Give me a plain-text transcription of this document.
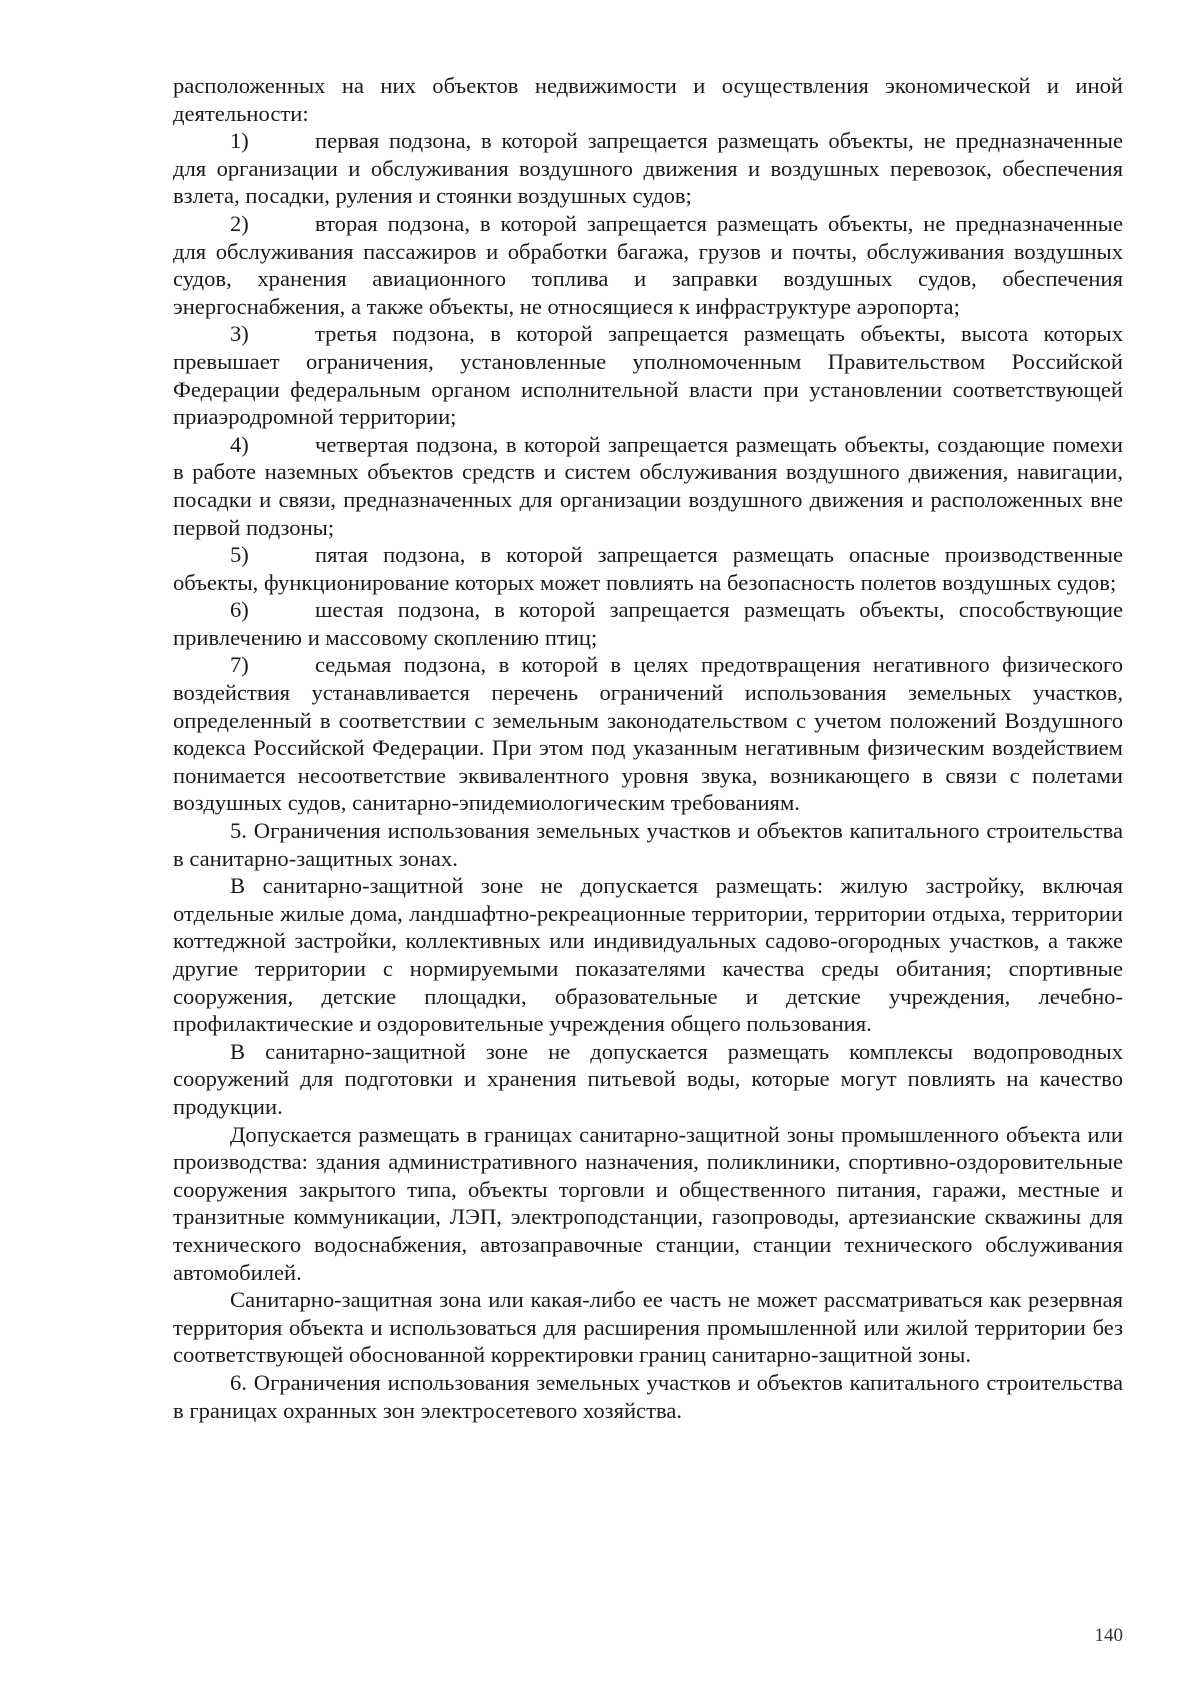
расположенных на них объектов недвижимости и осуществления экономической и иной деятельности:

1)	первая подзона, в которой запрещается размещать объекты, не предназначенные для организации и обслуживания воздушного движения и воздушных перевозок, обеспечения взлета, посадки, руления и стоянки воздушных судов;

2)	вторая подзона, в которой запрещается размещать объекты, не предназначенные для обслуживания пассажиров и обработки багажа, грузов и почты, обслуживания воздушных судов, хранения авиационного топлива и заправки воздушных судов, обеспечения энергоснабжения, а также объекты, не относящиеся к инфраструктуре аэропорта;

3)	третья подзона, в которой запрещается размещать объекты, высота которых превышает ограничения, установленные уполномоченным Правительством Российской Федерации федеральным органом исполнительной власти при установлении соответствующей приаэродромной территории;

4)	четвертая подзона, в которой запрещается размещать объекты, создающие помехи в работе наземных объектов средств и систем обслуживания воздушного движения, навигации, посадки и связи, предназначенных для организации воздушного движения и расположенных вне первой подзоны;

5)	пятая подзона, в которой запрещается размещать опасные производственные объекты, функционирование которых может повлиять на безопасность полетов воздушных судов;

6)	шестая подзона, в которой запрещается размещать объекты, способствующие привлечению и массовому скоплению птиц;

7)	седьмая подзона, в которой в целях предотвращения негативного физического воздействия устанавливается перечень ограничений использования земельных участков, определенный в соответствии с земельным законодательством с учетом положений Воздушного кодекса Российской Федерации. При этом под указанным негативным физическим воздействием понимается несоответствие эквивалентного уровня звука, возникающего в связи с полетами воздушных судов, санитарно-эпидемиологическим требованиям.

5. Ограничения использования земельных участков и объектов капитального строительства в санитарно-защитных зонах.

В санитарно-защитной зоне не допускается размещать: жилую застройку, включая отдельные жилые дома, ландшафтно-рекреационные территории, территории отдыха, территории коттеджной застройки, коллективных или индивидуальных садово-огородных участков, а также другие территории с нормируемыми показателями качества среды обитания; спортивные сооружения, детские площадки, образовательные и детские учреждения, лечебно-профилактические и оздоровительные учреждения общего пользования.

В санитарно-защитной зоне не допускается размещать комплексы водопроводных сооружений для подготовки и хранения питьевой воды, которые могут повлиять на качество продукции.

Допускается размещать в границах санитарно-защитной зоны промышленного объекта или производства: здания административного назначения, поликлиники, спортивно-оздоровительные сооружения закрытого типа, объекты торговли и общественного питания, гаражи, местные и транзитные коммуникации, ЛЭП, электроподстанции, газопроводы, артезианские скважины для технического водоснабжения, автозаправочные станции, станции технического обслуживания автомобилей.

Санитарно-защитная зона или какая-либо ее часть не может рассматриваться как резервная территория объекта и использоваться для расширения промышленной или жилой территории без соответствующей обоснованной корректировки границ санитарно-защитной зоны.

6. Ограничения использования земельных участков и объектов капитального строительства в границах охранных зон электросетевого хозяйства.

140
